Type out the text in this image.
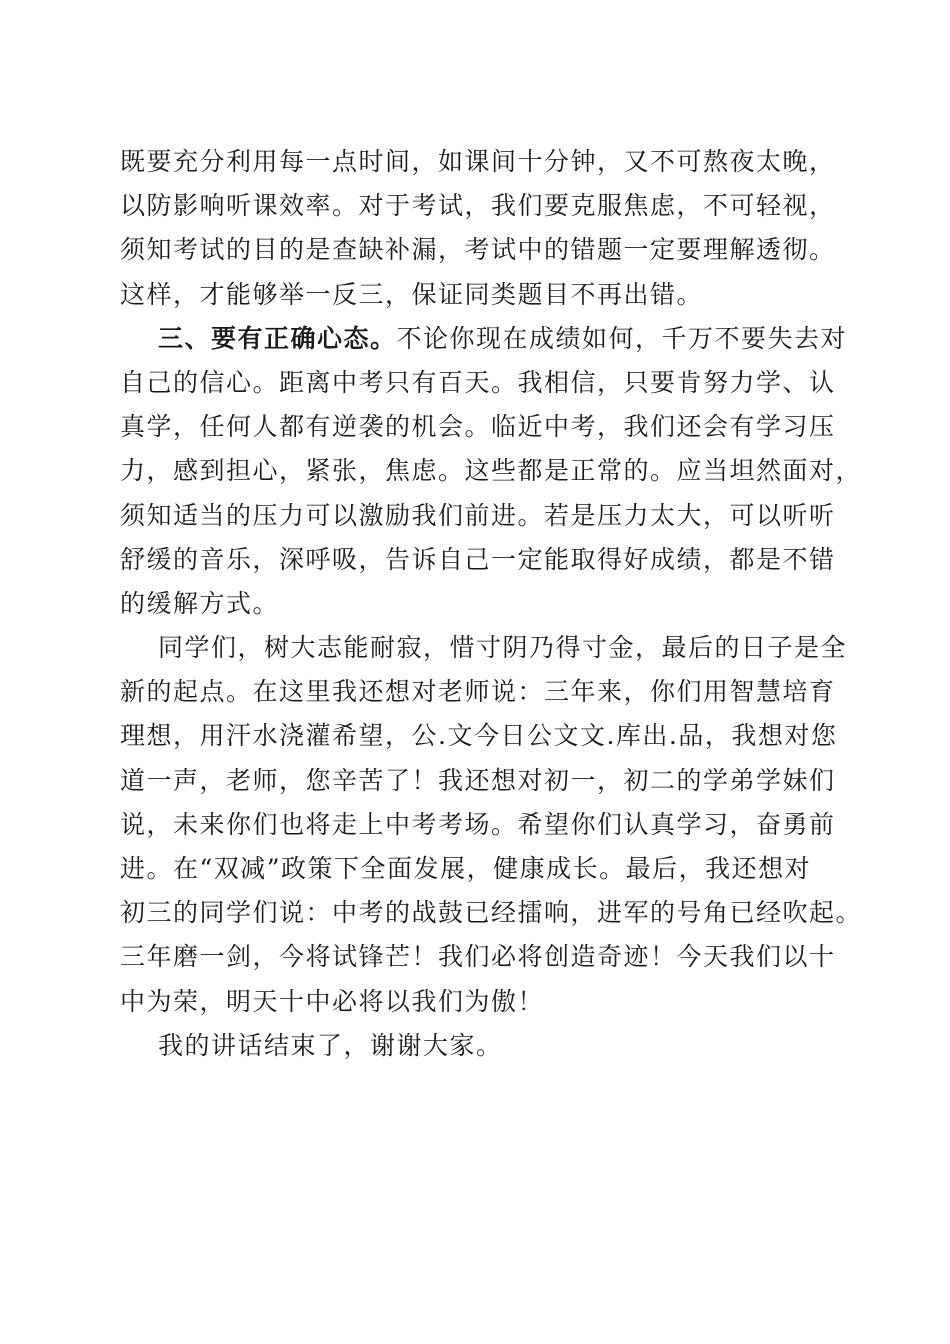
既要充分利用每一点时间，如课间十分钟，又不可熬夜太晚，
以防影响听课效率。对于考试，我们要克服焦虑，不可轻视，
须知考试的目的是查缺补漏，考试中的错题一定要理解透彻。
这样，才能够举一反三，保证同类题目不再出错。
三、要有正确心态。不论你现在成绩如何，千万不要失去对
自己的信心。距离中考只有百天。我相信，只要肯努力学、认
真学，任何人都有逆袭的机会。临近中考，我们还会有学习压
力，感到担心，紧张，焦虑。这些都是正常的。应当坦然面对，
须知适当的压力可以激励我们前进。若是压力太大，可以听听
舒缓的音乐，深呼吸，告诉自己一定能取得好成绩，都是不错
的缓解方式。
同学们，树大志能耐寂，惜寸阴乃得寸金，最后的日子是全
新的起点。在这里我还想对老师说：三年来，你们用智慧培育
理想，用汗水浇灌希望，公.文今日公文文.库出.品，我想对您
道一声，老师，您辛苦了！我还想对初一，初二的学弟学妹们
说，未来你们也将走上中考考场。希望你们认真学习，奋勇前
进。在“双减”政策下全面发展，健康成长。最后，我还想对
初三的同学们说：中考的战鼓已经擂响，进军的号角已经吹起。
三年磨一剑，今将试锋芒！我们必将创造奇迹！今天我们以十
中为荣，明天十中必将以我们为傲！
我的讲话结束了，谢谢大家。
